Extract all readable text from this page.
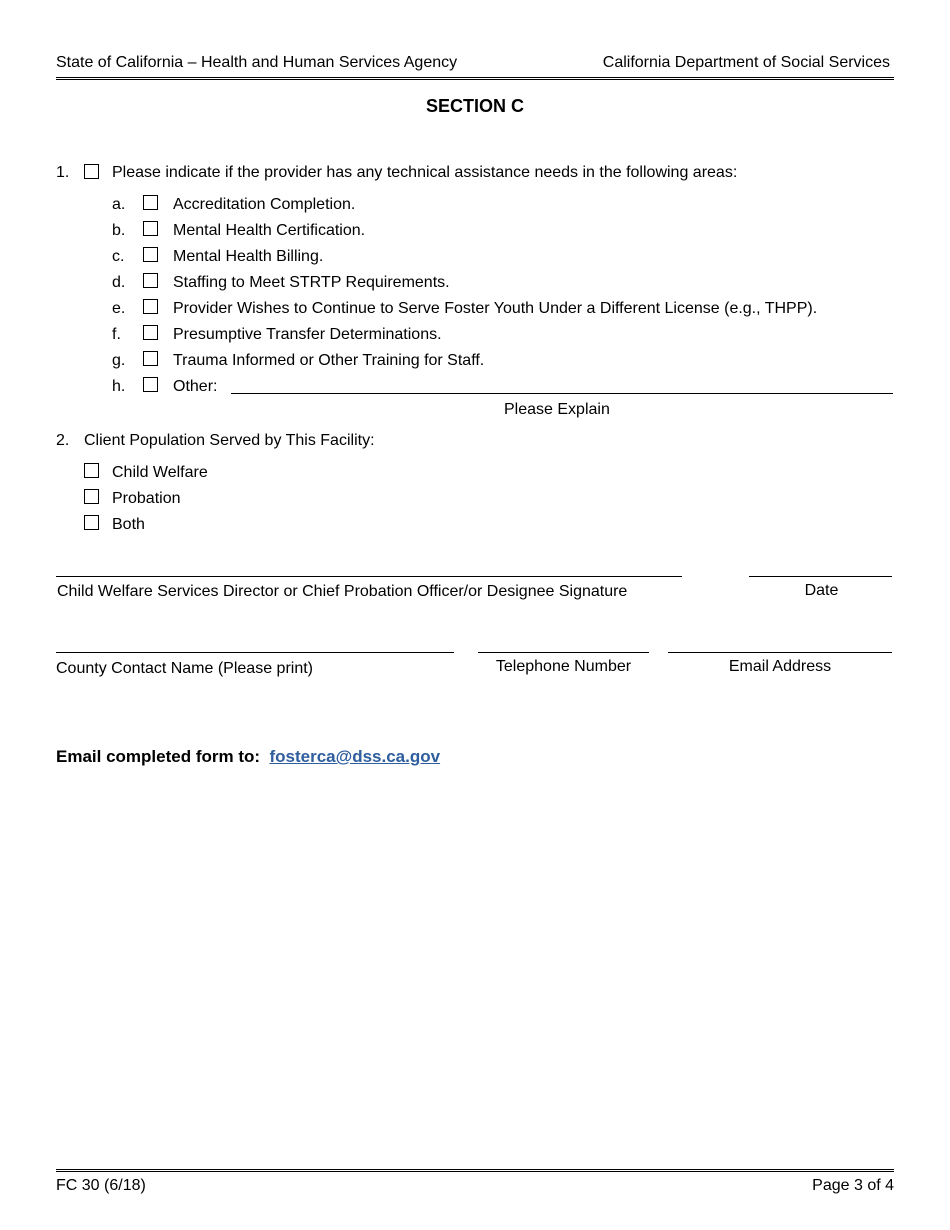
State of California – Health and Human Services Agency	California Department of Social Services
SECTION C
1.	Please indicate if the provider has any technical assistance needs in the following areas:
a.	Accreditation Completion.
b.	Mental Health Certification.
c.	Mental Health Billing.
d.	Staffing to Meet STRTP Requirements.
e.	Provider Wishes to Continue to Serve Foster Youth Under a Different License (e.g., THPP).
f.	Presumptive Transfer Determinations.
g.	Trauma Informed or Other Training for Staff.
h.	Other:
Please Explain
2. Client Population Served by This Facility:
Child Welfare
Probation
Both
Child Welfare Services Director or Chief Probation Officer/or Designee Signature	Date
County Contact Name (Please print)	Telephone Number	Email Address
Email completed form to: fosterca@dss.ca.gov
FC 30 (6/18)	Page 3 of 4
